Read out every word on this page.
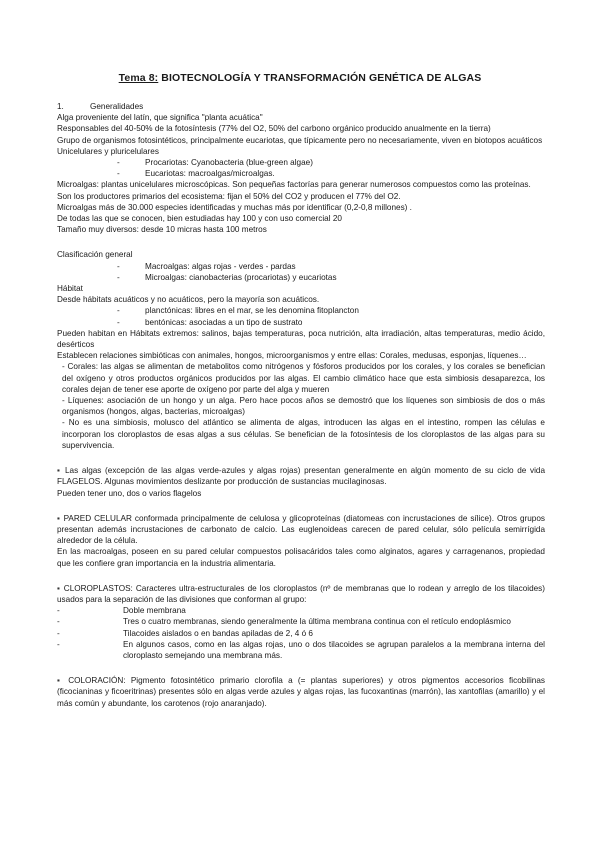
Tema 8: BIOTECNOLOGÍA Y TRANSFORMACIÓN GENÉTICA DE ALGAS

1.	Generalidades

Alga proveniente del latín, que significa "planta acuática"

Responsables del 40-50% de la fotosíntesis (77% del O2, 50% del carbono orgánico producido anualmente en la tierra)

Grupo de organismos fotosintéticos, principalmente eucariotas, que típicamente pero no necesariamente, viven en biotopos acuáticos

Unicelulares y pluricelulares

-	Procariotas: Cyanobacteria (blue-green algae)

-	Eucariotas: macroalgas/microalgas.

Microalgas: plantas unicelulares microscópicas. Son pequeñas factorías para generar numerosos compuestos como las proteínas.

Son los productores primarios del ecosistema: fijan el 50% del CO2 y producen el 77% del O2.

Microalgas más de 30.000 especies identificadas y muchas más por identificar (0,2-0,8 millones) .

De todas las que se conocen, bien estudiadas hay 100 y con uso comercial 20

Tamaño muy diversos: desde 10 micras hasta 100 metros

Clasificación general

-	Macroalgas: algas rojas - verdes - pardas

-	Microalgas: cianobacterias (procariotas) y eucariotas

Hábitat

Desde hábitats acuáticos y no acuáticos, pero la mayoría son acuáticos.

-	planctónicas: libres en el mar, se les denomina fitoplancton

-	bentónicas: asociadas a un tipo de sustrato

Pueden habitan en Hábitats extremos: salinos, bajas temperaturas, poca nutrición, alta irradiación, altas temperaturas, medio ácido, desérticos

Establecen relaciones simbióticas con animales, hongos, microorganismos y entre ellas: Corales, medusas, esponjas, líquenes…

- Corales: las algas se alimentan de metabolitos como nitrógenos y fósforos producidos por los corales, y los corales se benefician del oxígeno y otros productos orgánicos producidos por las algas. El cambio climático hace que esta simbiosis desaparezca, los corales dejan de tener ese aporte de oxígeno por parte del alga y mueren

- Líquenes: asociación de un hongo y un alga. Pero hace pocos años se demostró que los líquenes son simbiosis de dos o más organismos (hongos, algas, bacterias, microalgas)

- No es una simbiosis, molusco del atlántico se alimenta de algas, introducen las algas en el intestino, rompen las células e incorporan los cloroplastos de esas algas a sus células. Se benefician de la fotosíntesis de los cloroplastos de las algas para su supervivencia.

▪ Las algas (excepción de las algas verde-azules y algas rojas) presentan generalmente en algún momento de su ciclo de vida FLAGELOS. Algunas movimientos deslizante por producción de sustancias mucilaginosas.

Pueden tener uno, dos o varios flagelos

▪ PARED CELULAR conformada principalmente de celulosa y glicoproteínas (diatomeas con incrustaciones de sílice). Otros grupos presentan además incrustaciones de carbonato de calcio. Las euglenoideas carecen de pared celular, sólo película semirrígida alrededor de la célula.

En las macroalgas, poseen en su pared celular compuestos polisacáridos tales como alginatos, agares y carragenanos, propiedad que les confiere gran importancia en la industria alimentaria.

▪ CLOROPLASTOS: Caracteres ultra-estructurales de los cloroplastos (nº de membranas que lo rodean y arreglo de los tilacoides) usados para la separación de las divisiones que conforman al grupo:

-	Doble membrana
-	Tres o cuatro membranas, siendo generalmente la última membrana continua con el retículo endoplásmico
-	Tilacoides aislados o en bandas apiladas de 2, 4 ó 6
-	En algunos casos, como en las algas rojas, uno o dos tilacoides se agrupan paralelos a la membrana interna del cloroplasto semejando una membrana más.

▪ COLORACIÓN: Pigmento fotosintético primario clorofila a (= plantas superiores) y otros pigmentos accesorios ficobilinas (ficocianinas y ficoeritrinas) presentes sólo en algas verde azules y algas rojas, las fucoxantinas (marrón), las xantofilas (amarillo) y el más común y abundante, los carotenos (rojo anaranjado).
